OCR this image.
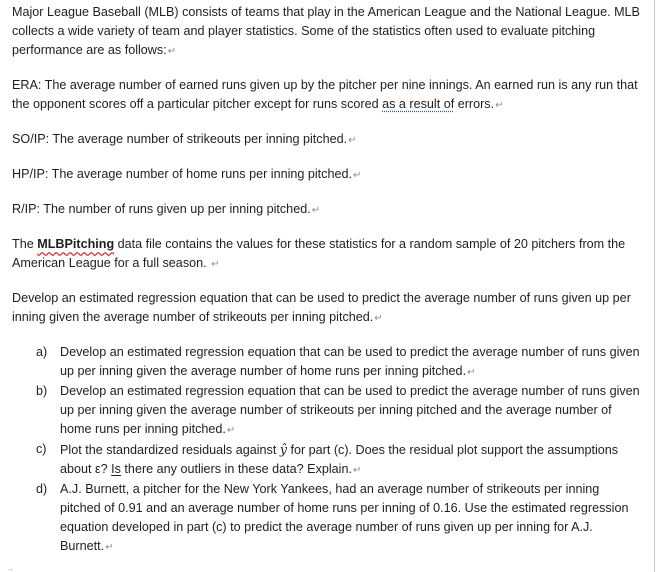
Major League Baseball (MLB) consists of teams that play in the American League and the National League. MLB collects a wide variety of team and player statistics. Some of the statistics often used to evaluate pitching performance are as follows:↵

ERA: The average number of earned runs given up by the pitcher per nine innings. An earned run is any run that the opponent scores off a particular pitcher except for runs scored as a result of errors.↵

SO/IP: The average number of strikeouts per inning pitched.↵

HP/IP: The average number of home runs per inning pitched.↵

R/IP: The number of runs given up per inning pitched.↵

The MLBPitching data file contains the values for these statistics for a random sample of 20 pitchers from the American League for a full season. ↵

Develop an estimated regression equation that can be used to predict the average number of runs given up per inning given the average number of strikeouts per inning pitched.↵

a) Develop an estimated regression equation that can be used to predict the average number of runs given up per inning given the average number of home runs per inning pitched.↵
b) Develop an estimated regression equation that can be used to predict the average number of runs given up per inning given the average number of strikeouts per inning pitched and the average number of home runs per inning pitched.↵
c) Plot the standardized residuals against ŷ for part (c). Does the residual plot support the assumptions about ε? Is there any outliers in these data? Explain.↵
d) A.J. Burnett, a pitcher for the New York Yankees, had an average number of strikeouts per inning pitched of 0.91 and an average number of home runs per inning of 0.16. Use the estimated regression equation developed in part (c) to predict the average number of runs given up per inning for A.J. Burnett.↵
.,
